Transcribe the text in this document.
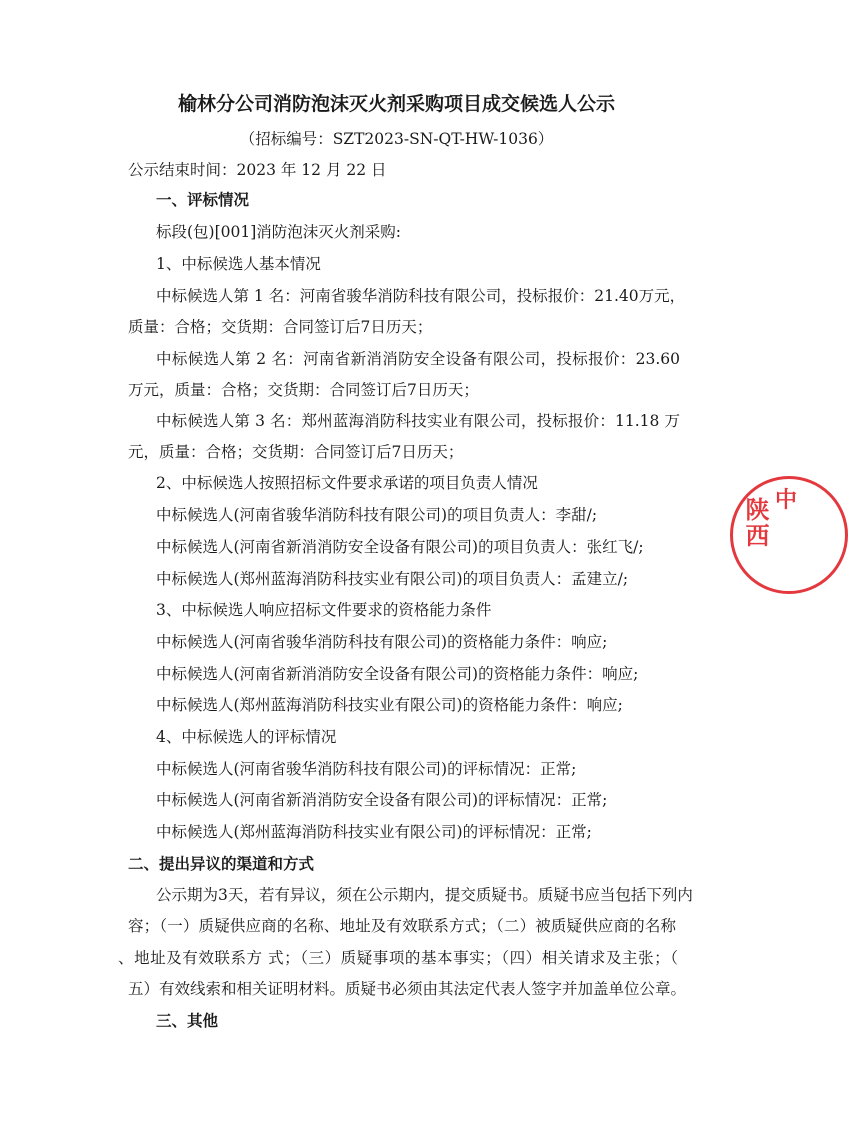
榆林分公司消防泡沫灭火剂采购项目成交候选人公示
（招标编号：SZT2023-SN-QT-HW-1036）
公示结束时间：2023 年 12 月 22 日
一、评标情况
标段(包)[001]消防泡沫灭火剂采购:
1、中标候选人基本情况
中标候选人第 1 名：河南省骏华消防科技有限公司，投标报价：21.40万元，
质量：合格；交货期：合同签订后7日历天；
中标候选人第 2 名：河南省新消消防安全设备有限公司，投标报价：23.60
万元，质量：合格；交货期：合同签订后7日历天；
中标候选人第 3 名：郑州蓝海消防科技实业有限公司，投标报价：11.18 万
元，质量：合格；交货期：合同签订后7日历天；
2、中标候选人按照招标文件要求承诺的项目负责人情况
中标候选人(河南省骏华消防科技有限公司)的项目负责人：李甜/;
中标候选人(河南省新消消防安全设备有限公司)的项目负责人：张红飞/;
中标候选人(郑州蓝海消防科技实业有限公司)的项目负责人：孟建立/;
3、中标候选人响应招标文件要求的资格能力条件
中标候选人(河南省骏华消防科技有限公司)的资格能力条件：响应;
中标候选人(河南省新消消防安全设备有限公司)的资格能力条件：响应;
中标候选人(郑州蓝海消防科技实业有限公司)的资格能力条件：响应;
4、中标候选人的评标情况
中标候选人(河南省骏华消防科技有限公司)的评标情况：正常;
中标候选人(河南省新消消防安全设备有限公司)的评标情况：正常;
中标候选人(郑州蓝海消防科技实业有限公司)的评标情况：正常;
二、提出异议的渠道和方式
公示期为3天，若有异议，须在公示期内，提交质疑书。质疑书应当包括下列内
容；（一）质疑供应商的名称、地址及有效联系方式；（二）被质疑供应商的名称
、地址及有效联系方 式；（三）质疑事项的基本事实；（四）相关请求及主张；（
五）有效线索和相关证明材料。质疑书必须由其法定代表人签字并加盖单位公章。
三、其他
陕西 中
